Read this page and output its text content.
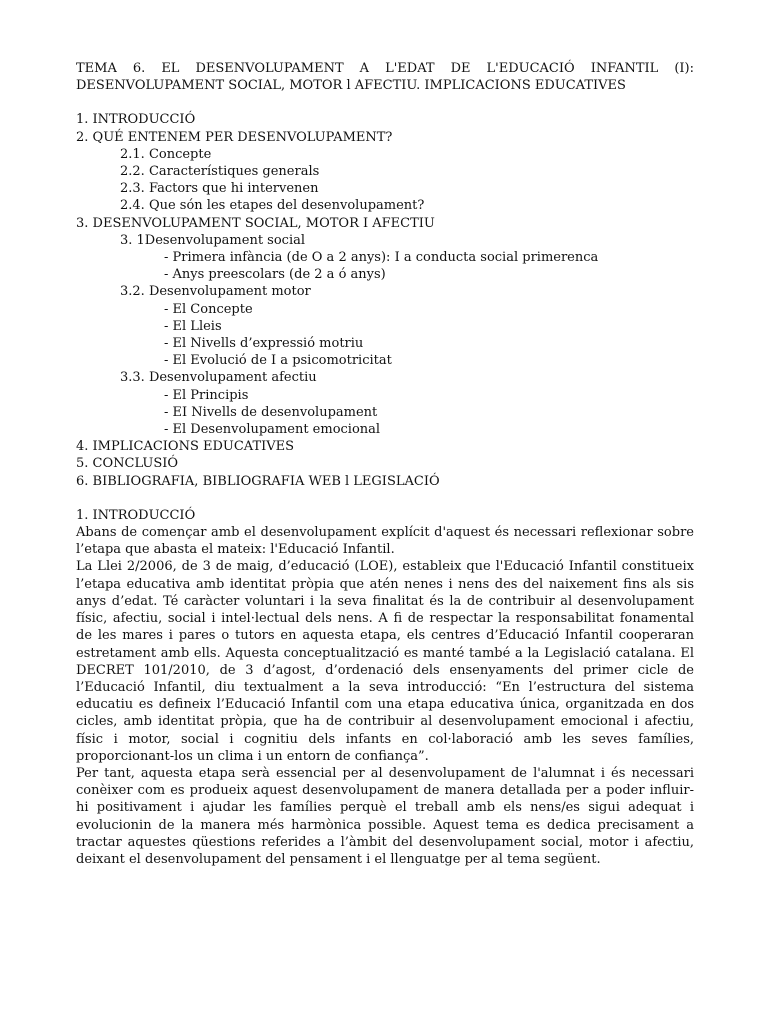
TEMA 6. EL DESENVOLUPAMENT A L'EDAT DE L'EDUCACIÓ INFANTIL (I):
DESENVOLUPAMENT SOCIAL, MOTOR l AFECTIU. IMPLICACIONS EDUCATIVES
1. INTRODUCCIÓ
2. QUÉ ENTENEM PER DESENVOLUPAMENT?
2.1. Concepte
2.2. Característiques generals
2.3. Factors que hi intervenen
2.4. Que són les etapes del desenvolupament?
3. DESENVOLUPAMENT SOCIAL, MOTOR I AFECTIU
3. 1Desenvolupament social
- Primera infància (de O a 2 anys): I a conducta social primerenca
- Anys preescolars (de 2 a ó anys)
3.2. Desenvolupament motor
- El Concepte
- El Lleis
- El Nivells d’expressió motriu
- El Evolució de I a psicomotricitat
3.3. Desenvolupament afectiu
- El Principis
- EI Nivells de desenvolupament
- El Desenvolupament emocional
4. IMPLICACIONS EDUCATIVES
5. CONCLUSIÓ
6. BIBLIOGRAFIA, BIBLIOGRAFIA WEB l LEGISLACIÓ
1. INTRODUCCIÓ

Abans de començar amb el desenvolupament explícit d'aquest és necessari reflexionar sobre l’etapa que abasta el mateix: l'Educació Infantil.

La Llei 2/2006, de 3 de maig, d’educació (LOE), estableix que l'Educació Infantil constitueix l’etapa educativa amb identitat pròpia que atén nenes i nens des del naixement fins als sis anys d’edat. Té caràcter voluntari i la seva finalitat és la de contribuir al desenvolupament físic, afectiu, social i intel·lectual dels nens. A fi de respectar la responsabilitat fonamental de les mares i pares o tutors en aquesta etapa, els centres d’Educació Infantil cooperaran estretament amb ells. Aquesta conceptualització es manté també a la Legislació catalana. El DECRET 101/2010, de 3 d’agost, d’ordenació dels ensenyaments del primer cicle de l’Educació Infantil, diu textualment a la seva introducció: “En l’estructura del sistema educatiu es defineix l’Educació Infantil com una etapa educativa única, organitzada en dos cicles, amb identitat pròpia, que ha de contribuir al desenvolupament emocional i afectiu, físic i motor, social i cognitiu dels infants en col·laboració amb les seves famílies, proporcionant-los un clima i un entorn de confiança”.

Per tant, aquesta etapa serà essencial per al desenvolupament de l'alumnat i és necessari conèixer com es produeix aquest desenvolupament de manera detallada per a poder influir-hi positivament i ajudar les famílies perquè el treball amb els nens/es sigui adequat i evolucionin de la manera més harmònica possible. Aquest tema es dedica precisament a tractar aquestes qüestions referides a l’àmbit del desenvolupament social, motor i afectiu, deixant el desenvolupament del pensament i el llenguatge per al tema següent.
